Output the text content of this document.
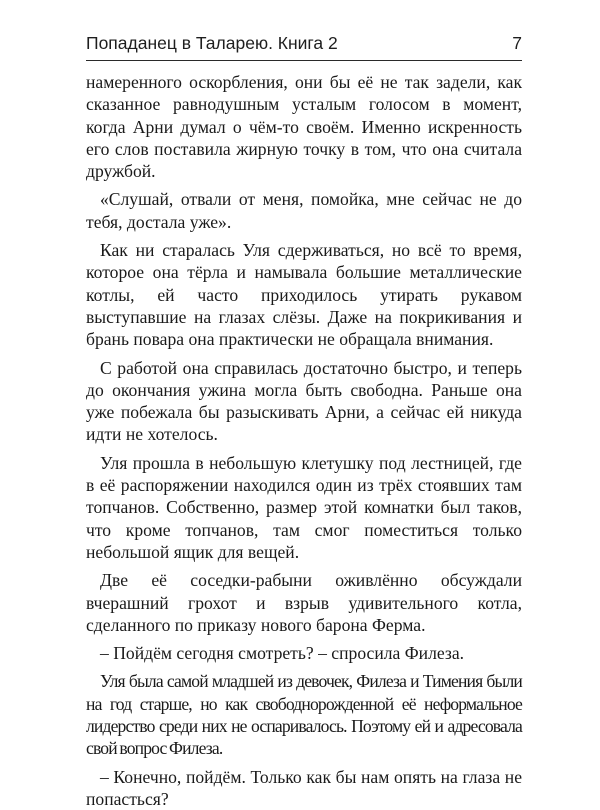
Попаданец в Таларею. Книга 2	7

намеренного оскорбления, они бы её не так задели, как сказанное равнодушным усталым голосом в момент, когда Арни думал о чём-то своём. Именно искренность его слов поставила жирную точку в том, что она считала дружбой.

«Слушай, отвали от меня, помойка, мне сейчас не до тебя, достала уже».

Как ни старалась Уля сдерживаться, но всё то время, которое она тёрла и намывала большие металлические котлы, ей часто приходилось утирать рукавом выступавшие на глазах слёзы. Даже на покрикивания и брань повара она практически не обращала внимания.

С работой она справилась достаточно быстро, и теперь до окончания ужина могла быть свободна. Раньше она уже побежала бы разыскивать Арни, а сейчас ей никуда идти не хотелось.

Уля прошла в небольшую клетушку под лестницей, где в её распоряжении находился один из трёх стоявших там топчанов. Собственно, размер этой комнатки был таков, что кроме топчанов, там смог поместиться только небольшой ящик для вещей.

Две её соседки-рабыни оживлённо обсуждали вчерашний грохот и взрыв удивительного котла, сделанного по приказу нового барона Ферма.

– Пойдём сегодня смотреть? – спросила Филеза.

Уля была самой младшей из девочек, Филеза и Тимения были на год старше, но как свободнорожденной её неформальное лидерство среди них не оспаривалось. Поэтому ей и адресовала свой вопрос Филеза.

– Конечно, пойдём. Только как бы нам опять на глаза не попасться?
